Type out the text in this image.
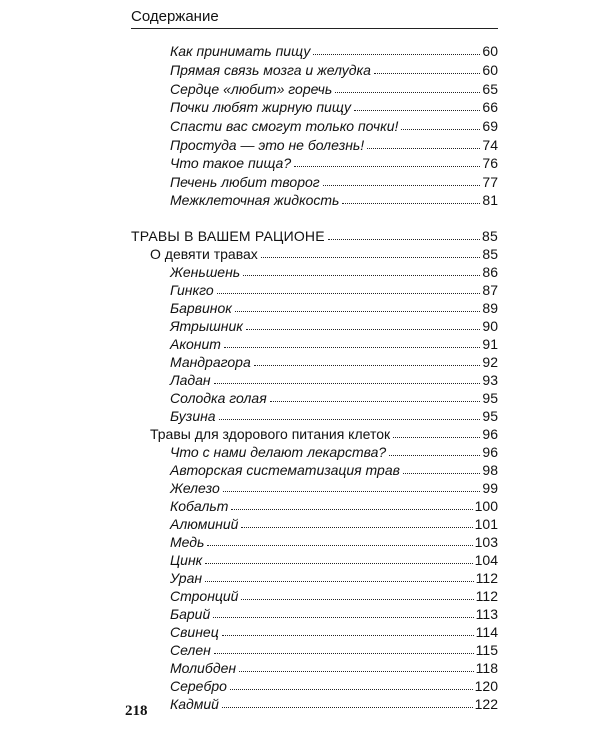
Содержание
Как принимать пищу	60
Прямая связь мозга и желудка	60
Сердце «любит» горечь	65
Почки любят жирную пищу	66
Спасти вас смогут только почки!	69
Простуда — это не болезнь!	74
Что такое пища?	76
Печень любит творог	77
Межклеточная жидкость	81
ТРАВЫ В ВАШЕМ РАЦИОНЕ	85
О девяти травах	85
Женьшень	86
Гинкго	87
Барвинок	89
Ятрышник	90
Аконит	91
Мандрагора	92
Ладан	93
Солодка голая	95
Бузина	95
Травы для здорового питания клеток	96
Что с нами делают лекарства?	96
Авторская систематизация трав	98
Железо	99
Кобальт	100
Алюминий	101
Медь	103
Цинк	104
Уран	112
Стронций	112
Барий	113
Свинец	114
Селен	115
Молибден	118
Серебро	120
Кадмий	122
218
